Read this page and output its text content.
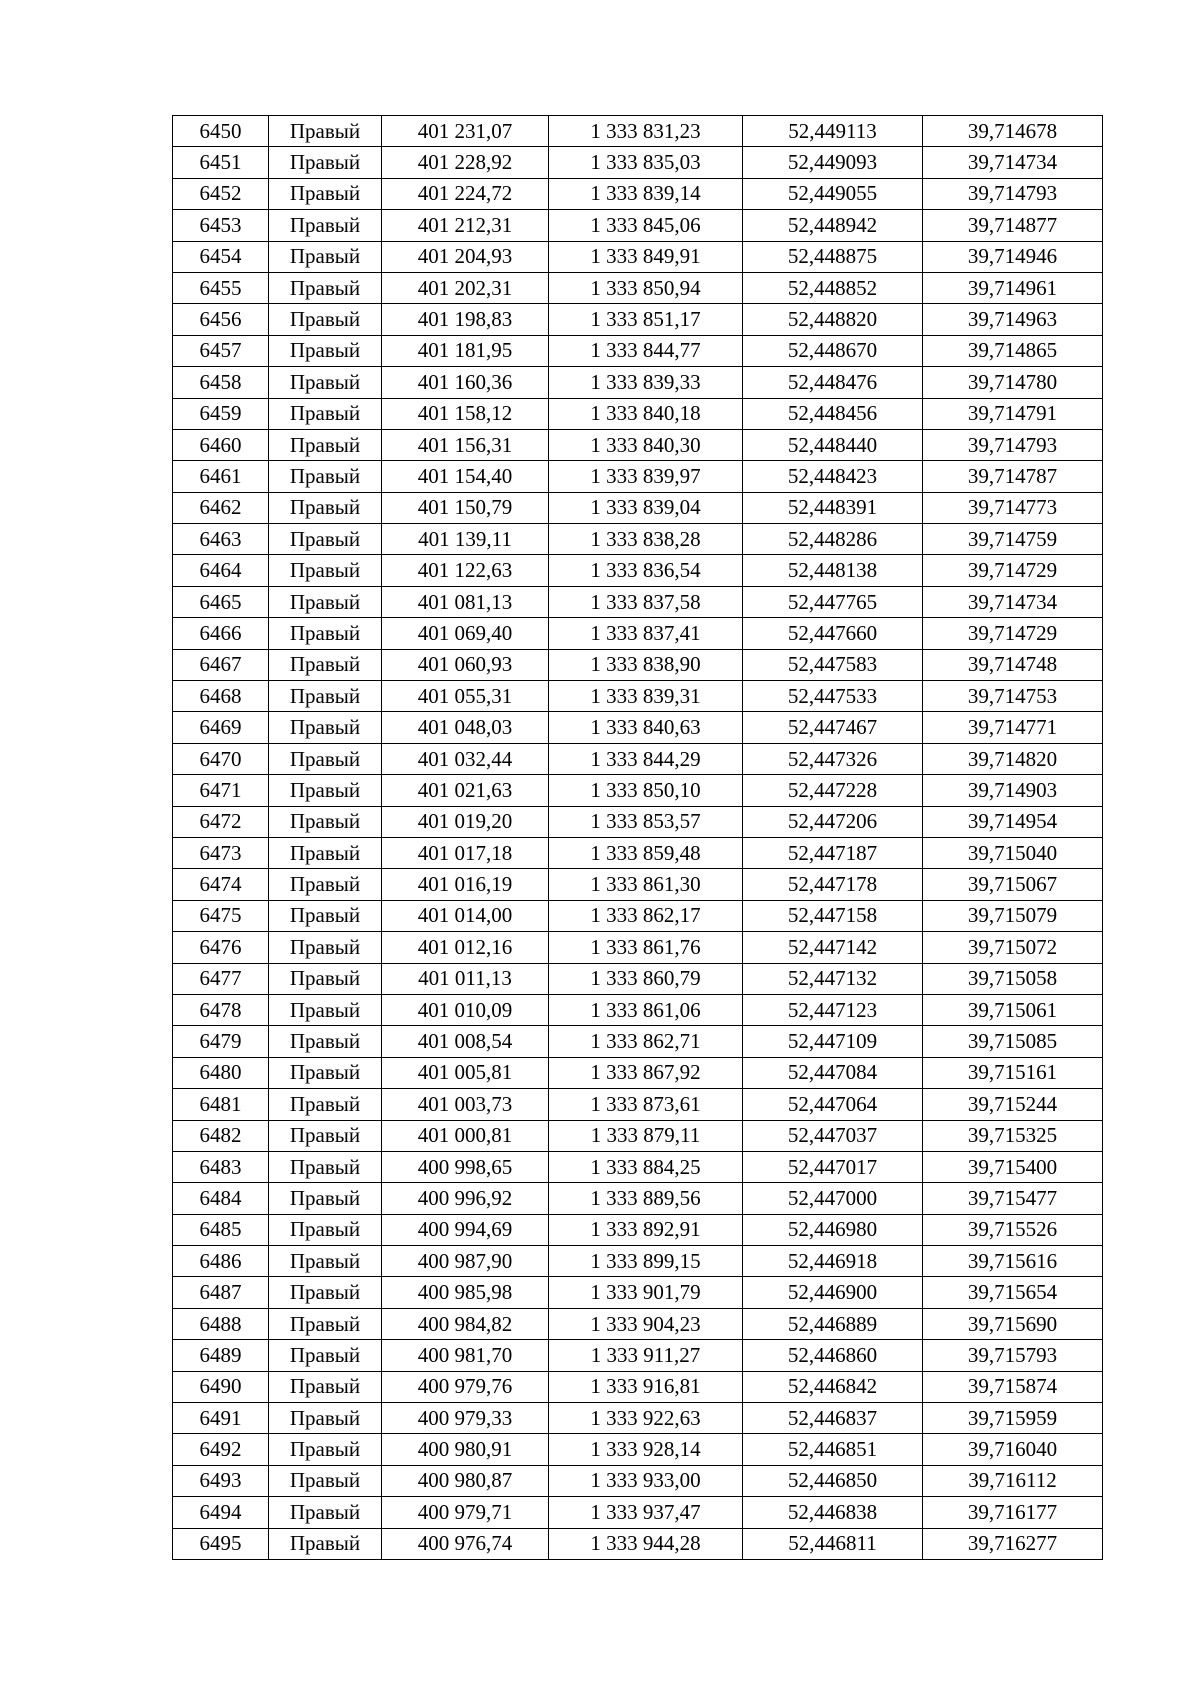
6450	Правый	401 231,07	1 333 831,23	52,449113	39,714678
6451	Правый	401 228,92	1 333 835,03	52,449093	39,714734
6452	Правый	401 224,72	1 333 839,14	52,449055	39,714793
6453	Правый	401 212,31	1 333 845,06	52,448942	39,714877
6454	Правый	401 204,93	1 333 849,91	52,448875	39,714946
6455	Правый	401 202,31	1 333 850,94	52,448852	39,714961
6456	Правый	401 198,83	1 333 851,17	52,448820	39,714963
6457	Правый	401 181,95	1 333 844,77	52,448670	39,714865
6458	Правый	401 160,36	1 333 839,33	52,448476	39,714780
6459	Правый	401 158,12	1 333 840,18	52,448456	39,714791
6460	Правый	401 156,31	1 333 840,30	52,448440	39,714793
6461	Правый	401 154,40	1 333 839,97	52,448423	39,714787
6462	Правый	401 150,79	1 333 839,04	52,448391	39,714773
6463	Правый	401 139,11	1 333 838,28	52,448286	39,714759
6464	Правый	401 122,63	1 333 836,54	52,448138	39,714729
6465	Правый	401 081,13	1 333 837,58	52,447765	39,714734
6466	Правый	401 069,40	1 333 837,41	52,447660	39,714729
6467	Правый	401 060,93	1 333 838,90	52,447583	39,714748
6468	Правый	401 055,31	1 333 839,31	52,447533	39,714753
6469	Правый	401 048,03	1 333 840,63	52,447467	39,714771
6470	Правый	401 032,44	1 333 844,29	52,447326	39,714820
6471	Правый	401 021,63	1 333 850,10	52,447228	39,714903
6472	Правый	401 019,20	1 333 853,57	52,447206	39,714954
6473	Правый	401 017,18	1 333 859,48	52,447187	39,715040
6474	Правый	401 016,19	1 333 861,30	52,447178	39,715067
6475	Правый	401 014,00	1 333 862,17	52,447158	39,715079
6476	Правый	401 012,16	1 333 861,76	52,447142	39,715072
6477	Правый	401 011,13	1 333 860,79	52,447132	39,715058
6478	Правый	401 010,09	1 333 861,06	52,447123	39,715061
6479	Правый	401 008,54	1 333 862,71	52,447109	39,715085
6480	Правый	401 005,81	1 333 867,92	52,447084	39,715161
6481	Правый	401 003,73	1 333 873,61	52,447064	39,715244
6482	Правый	401 000,81	1 333 879,11	52,447037	39,715325
6483	Правый	400 998,65	1 333 884,25	52,447017	39,715400
6484	Правый	400 996,92	1 333 889,56	52,447000	39,715477
6485	Правый	400 994,69	1 333 892,91	52,446980	39,715526
6486	Правый	400 987,90	1 333 899,15	52,446918	39,715616
6487	Правый	400 985,98	1 333 901,79	52,446900	39,715654
6488	Правый	400 984,82	1 333 904,23	52,446889	39,715690
6489	Правый	400 981,70	1 333 911,27	52,446860	39,715793
6490	Правый	400 979,76	1 333 916,81	52,446842	39,715874
6491	Правый	400 979,33	1 333 922,63	52,446837	39,715959
6492	Правый	400 980,91	1 333 928,14	52,446851	39,716040
6493	Правый	400 980,87	1 333 933,00	52,446850	39,716112
6494	Правый	400 979,71	1 333 937,47	52,446838	39,716177
6495	Правый	400 976,74	1 333 944,28	52,446811	39,716277
